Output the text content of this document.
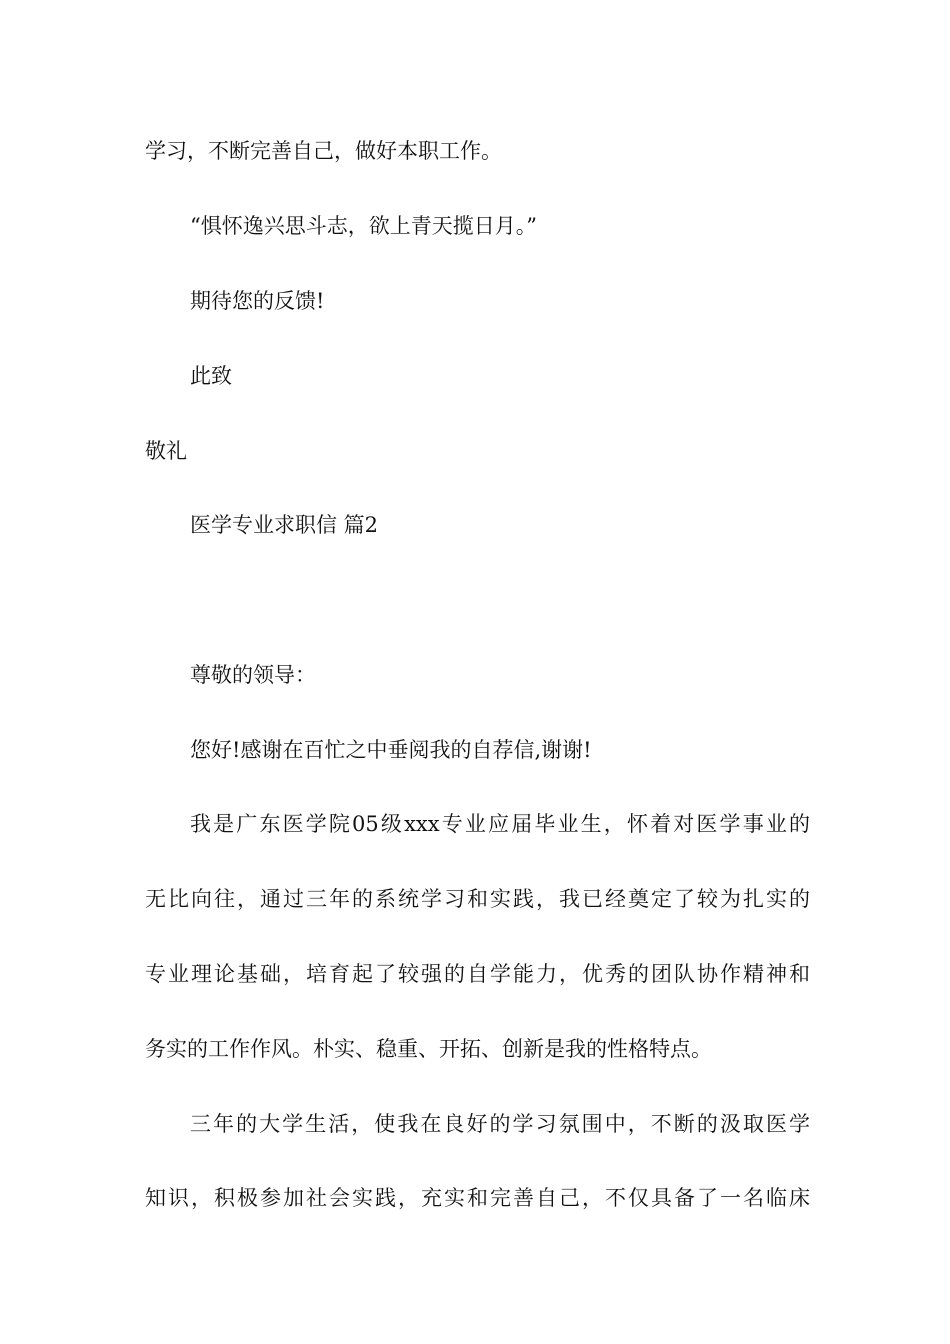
学习，不断完善自己，做好本职工作。
“惧怀逸兴思斗志，欲上青天揽日月。”
期待您的反馈!
此致
敬礼
医学专业求职信 篇2
尊敬的领导：
您好!感谢在百忙之中垂阅我的自荐信,谢谢!
我是广东医学院05级xxx专业应届毕业生，怀着对医学事业的
无比向往，通过三年的系统学习和实践，我已经奠定了较为扎实的
专业理论基础，培育起了较强的自学能力，优秀的团队协作精神和
务实的工作作风。朴实、稳重、开拓、创新是我的性格特点。
三年的大学生活，使我在良好的学习氛围中，不断的汲取医学
知识，积极参加社会实践，充实和完善自己，不仅具备了一名临床
